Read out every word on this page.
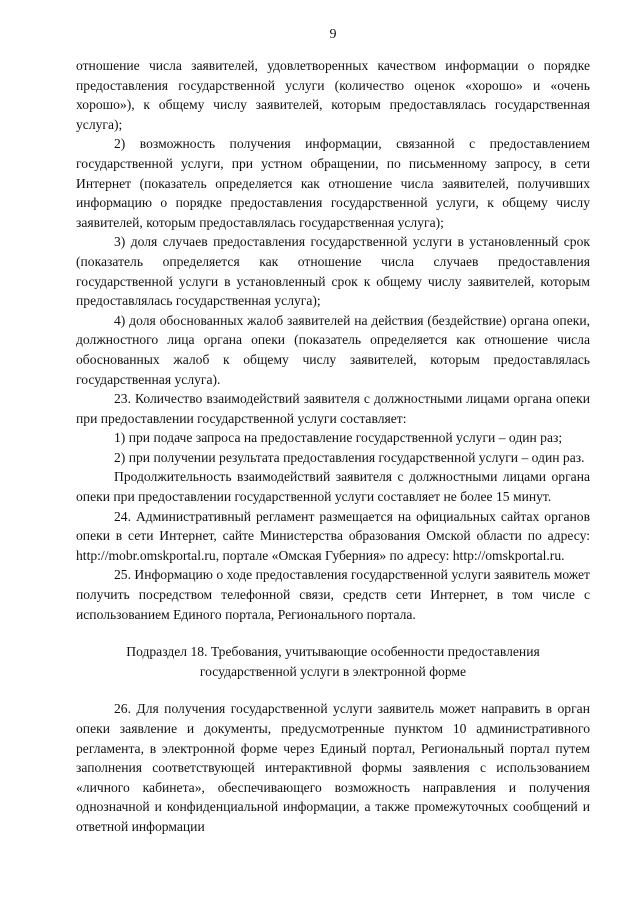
9

отношение числа заявителей, удовлетворенных качеством информации о порядке предоставления государственной услуги (количество оценок «хорошо» и «очень хорошо»), к общему числу заявителей, которым предоставлялась государственная услуга);

2) возможность получения информации, связанной с предоставлением государственной услуги, при устном обращении, по письменному запросу, в сети Интернет (показатель определяется как отношение числа заявителей, получивших информацию о порядке предоставления государственной услуги, к общему числу заявителей, которым предоставлялась государственная услуга);

3) доля случаев предоставления государственной услуги в установленный срок (показатель определяется как отношение числа случаев предоставления государственной услуги в установленный срок к общему числу заявителей, которым предоставлялась государственная услуга);

4) доля обоснованных жалоб заявителей на действия (бездействие) органа опеки, должностного лица органа опеки (показатель определяется как отношение числа обоснованных жалоб к общему числу заявителей, которым предоставлялась государственная услуга).

23. Количество взаимодействий заявителя с должностными лицами органа опеки при предоставлении государственной услуги составляет:

1) при подаче запроса на предоставление государственной услуги – один раз;

2) при получении результата предоставления государственной услуги – один раз.

Продолжительность взаимодействий заявителя с должностными лицами органа опеки при предоставлении государственной услуги составляет не более 15 минут.

24. Административный регламент размещается на официальных сайтах органов опеки в сети Интернет, сайте Министерства образования Омской области по адресу: http://mobr.omskportal.ru, портале «Омская Губерния» по адресу: http://omskportal.ru.

25. Информацию о ходе предоставления государственной услуги заявитель может получить посредством телефонной связи, средств сети Интернет, в том числе с использованием Единого портала, Регионального портала.

Подраздел 18. Требования, учитывающие особенности предоставления
государственной услуги в электронной форме

26. Для получения государственной услуги заявитель может направить в орган опеки заявление и документы, предусмотренные пунктом 10 административного регламента, в электронной форме через Единый портал, Региональный портал путем заполнения соответствующей интерактивной формы заявления с использованием «личного кабинета», обеспечивающего возможность направления и получения однозначной и конфиденциальной информации, а также промежуточных сообщений и ответной информации
